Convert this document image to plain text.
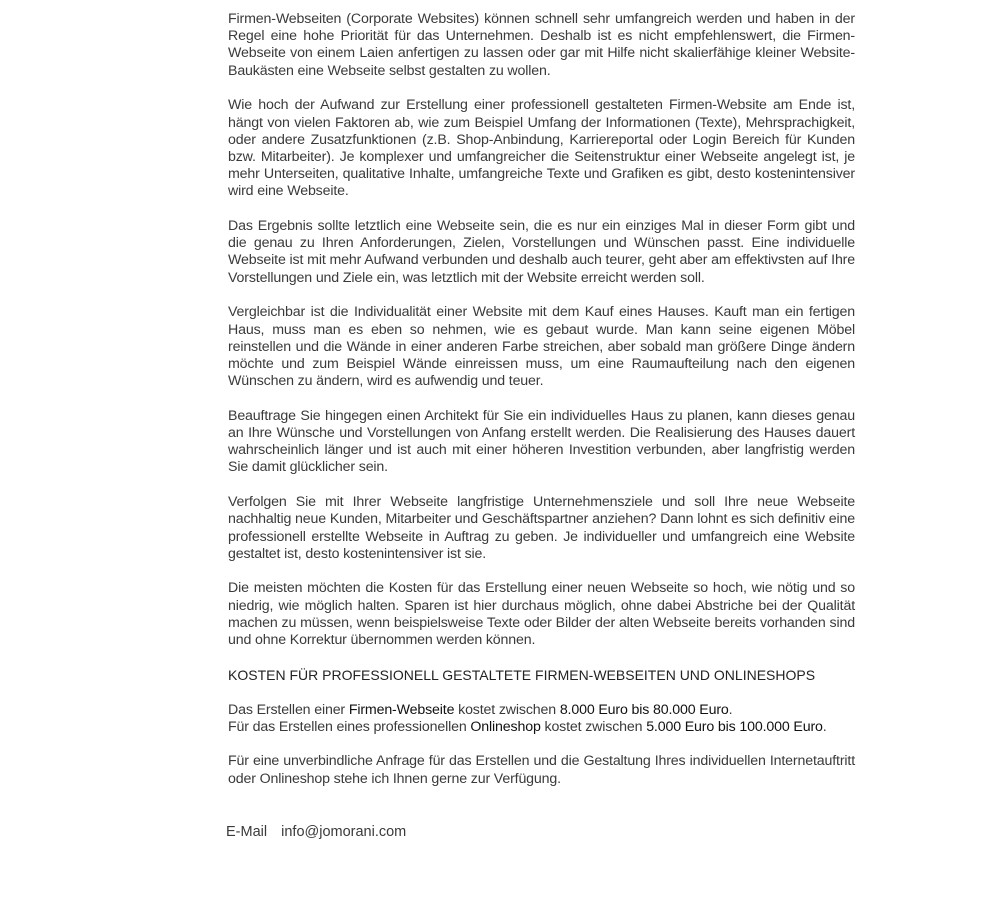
Firmen-Webseiten (Corporate Websites) können schnell sehr umfangreich werden und haben in der Regel eine hohe Priorität für das Unternehmen. Deshalb ist es nicht empfehlenswert, die Firmen-Webseite von einem Laien anfertigen zu lassen oder gar mit Hilfe nicht skalierfähige kleiner Website-Baukästen eine Webseite selbst gestalten zu wollen.

Wie hoch der Aufwand zur Erstellung einer professionell gestalteten Firmen-Website am Ende ist, hängt von vielen Faktoren ab, wie zum Beispiel Umfang der Informationen (Texte), Mehrsprachigkeit, oder andere Zusatzfunktionen (z.B. Shop-Anbindung, Karriereportal oder Login Bereich für Kunden bzw. Mitarbeiter). Je komplexer und umfangreicher die Seitenstruktur einer Webseite angelegt ist, je mehr Unterseiten, qualitative Inhalte, umfangreiche Texte und Grafiken es gibt, desto kostenintensiver wird eine Webseite.

Das Ergebnis sollte letztlich eine Webseite sein, die es nur ein einziges Mal in dieser Form gibt und die genau zu Ihren Anforderungen, Zielen, Vorstellungen und Wünschen passt. Eine individuelle Webseite ist mit mehr Aufwand verbunden und deshalb auch teurer, geht aber am effektivsten auf Ihre Vorstellungen und Ziele ein, was letztlich mit der Website erreicht werden soll.

Vergleichbar ist die Individualität einer Website mit dem Kauf eines Hauses. Kauft man ein fertigen Haus, muss man es eben so nehmen, wie es gebaut wurde. Man kann seine eigenen Möbel reinstellen und die Wände in einer anderen Farbe streichen, aber sobald man größere Dinge ändern möchte und zum Beispiel Wände einreissen muss, um eine Raumaufteilung nach den eigenen Wünschen zu ändern, wird es aufwendig und teuer.

Beauftrage Sie hingegen einen Architekt für Sie ein individuelles Haus zu planen, kann dieses genau an Ihre Wünsche und Vorstellungen von Anfang erstellt werden. Die Realisierung des Hauses dauert wahrscheinlich länger und ist auch mit einer höheren Investition verbunden, aber langfristig werden Sie damit glücklicher sein.

Verfolgen Sie mit Ihrer Webseite langfristige Unternehmensziele und soll Ihre neue Webseite nachhaltig neue Kunden, Mitarbeiter und Geschäftspartner anziehen? Dann lohnt es sich definitiv eine professionell erstellte Webseite in Auftrag zu geben. Je individueller und umfangreich eine Website gestaltet ist, desto kostenintensiver ist sie.

Die meisten möchten die Kosten für das Erstellung einer neuen Webseite so hoch, wie nötig und so niedrig, wie möglich halten. Sparen ist hier durchaus möglich, ohne dabei Abstriche bei der Qualität machen zu müssen, wenn beispielsweise Texte oder Bilder der alten Webseite bereits vorhanden sind und ohne Korrektur übernommen werden können.

KOSTEN FÜR PROFESSIONELL GESTALTETE FIRMEN-WEBSEITEN UND ONLINESHOPS
Das Erstellen einer Firmen-Webseite kostet zwischen 8.000 Euro bis 80.000 Euro.
Für das Erstellen eines professionellen Onlineshop kostet zwischen 5.000 Euro bis 100.000 Euro.

Für eine unverbindliche Anfrage für das Erstellen und die Gestaltung Ihres individuellen Internetauftritt oder Onlineshop stehe ich Ihnen gerne zur Verfügung.

E-Mail info@jomorani.com
